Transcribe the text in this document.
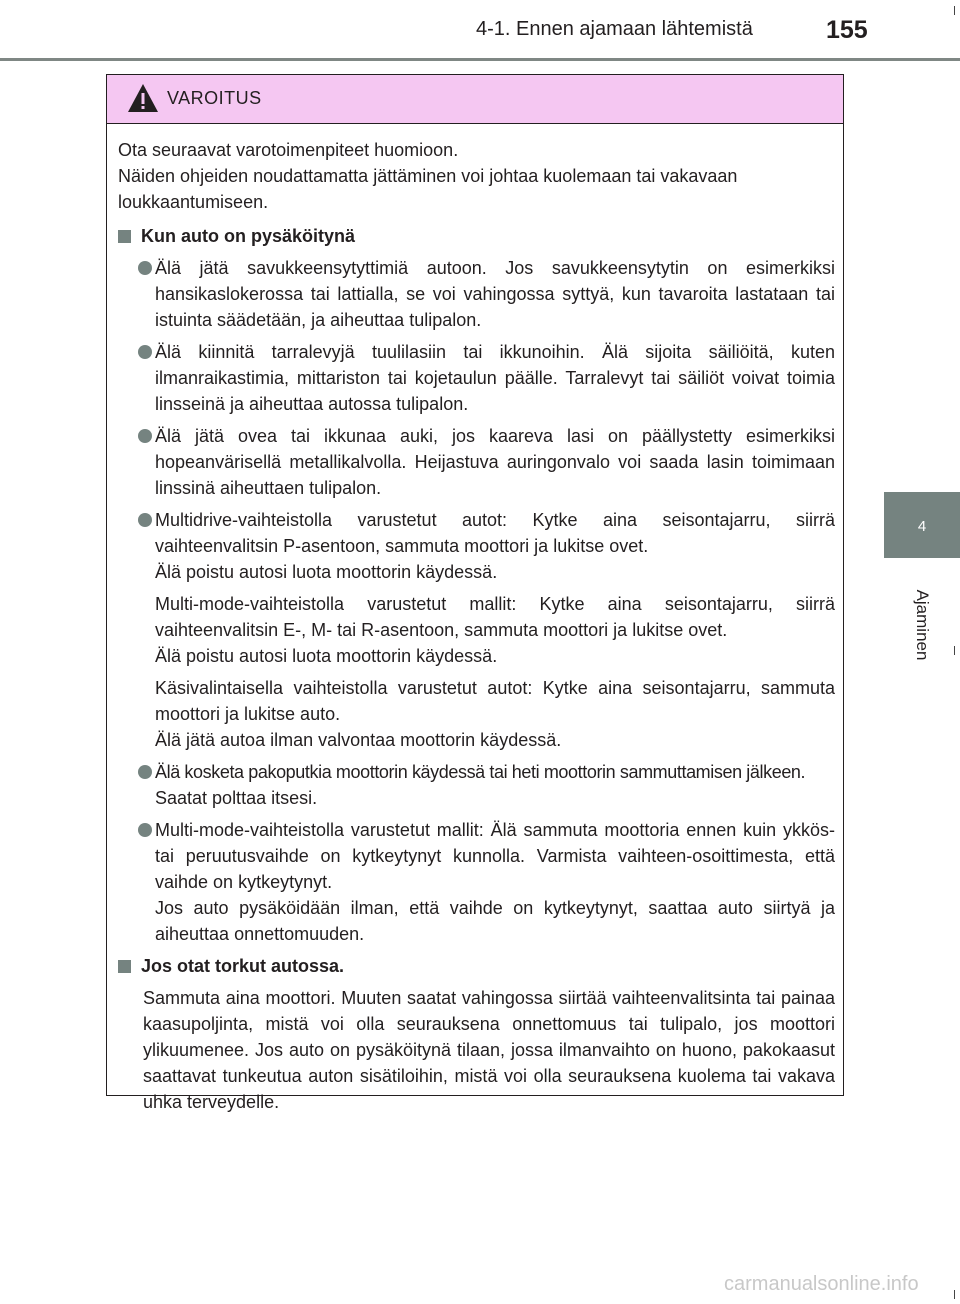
4-1. Ennen ajamaan lähtemistä	155
4
Ajaminen
VAROITUS
Ota seuraavat varotoimenpiteet huomioon.
Näiden ohjeiden noudattamatta jättäminen voi johtaa kuolemaan tai vakavaan loukkaantumiseen.
Kun auto on pysäköitynä

Älä jätä savukkeensytyttimiä autoon. Jos savukkeensytytin on esimerkiksi hansikaslokerossa tai lattialla, se voi vahingossa syttyä, kun tavaroita lastataan tai istuinta säädetään, ja aiheuttaa tulipalon.

Älä kiinnitä tarralevyjä tuulilasiin tai ikkunoihin. Älä sijoita säiliöitä, kuten ilmanraikastimia, mittariston tai kojetaulun päälle. Tarralevyt tai säiliöt voivat toimia linsseinä ja aiheuttaa autossa tulipalon.

Älä jätä ovea tai ikkunaa auki, jos kaareva lasi on päällystetty esimerkiksi hopeanvärisellä metallikalvolla. Heijastuva auringonvalo voi saada lasin toimimaan linssinä aiheuttaen tulipalon.

Multidrive-vaihteistolla varustetut autot: Kytke aina seisontajarru, siirrä vaihteenvalitsin P-asentoon, sammuta moottori ja lukitse ovet.

Älä poistu autosi luota moottorin käydessä.

Multi-mode-vaihteistolla varustetut mallit: Kytke aina seisontajarru, siirrä vaihteenvalitsin E-, M- tai R-asentoon, sammuta moottori ja lukitse ovet.
Älä poistu autosi luota moottorin käydessä.
Käsivalintaisella vaihteistolla varustetut autot: Kytke aina seisontajarru, sammuta moottori ja lukitse auto.
Älä jätä autoa ilman valvontaa moottorin käydessä.

Älä kosketa pakoputkia moottorin käydessä tai heti moottorin sammuttamisen jälkeen.

Saatat polttaa itsesi.

Multi-mode-vaihteistolla varustetut mallit: Älä sammuta moottoria ennen kuin ykkös- tai peruutusvaihde on kytkeytynyt kunnolla. Varmista vaihteen-osoittimesta, että vaihde on kytkeytynyt.

Jos auto pysäköidään ilman, että vaihde on kytkeytynyt, saattaa auto siirtyä ja aiheuttaa onnettomuuden.

Jos otat torkut autossa.

Sammuta aina moottori. Muuten saatat vahingossa siirtää vaihteenvalitsinta tai painaa kaasupoljinta, mistä voi olla seurauksena onnettomuus tai tulipalo, jos moottori ylikuumenee. Jos auto on pysäköitynä tilaan, jossa ilmanvaihto on huono, pakokaasut saattavat tunkeutua auton sisätiloihin, mistä voi olla seurauksena kuolema tai vakava uhka terveydelle.

carmanualsonline.info
